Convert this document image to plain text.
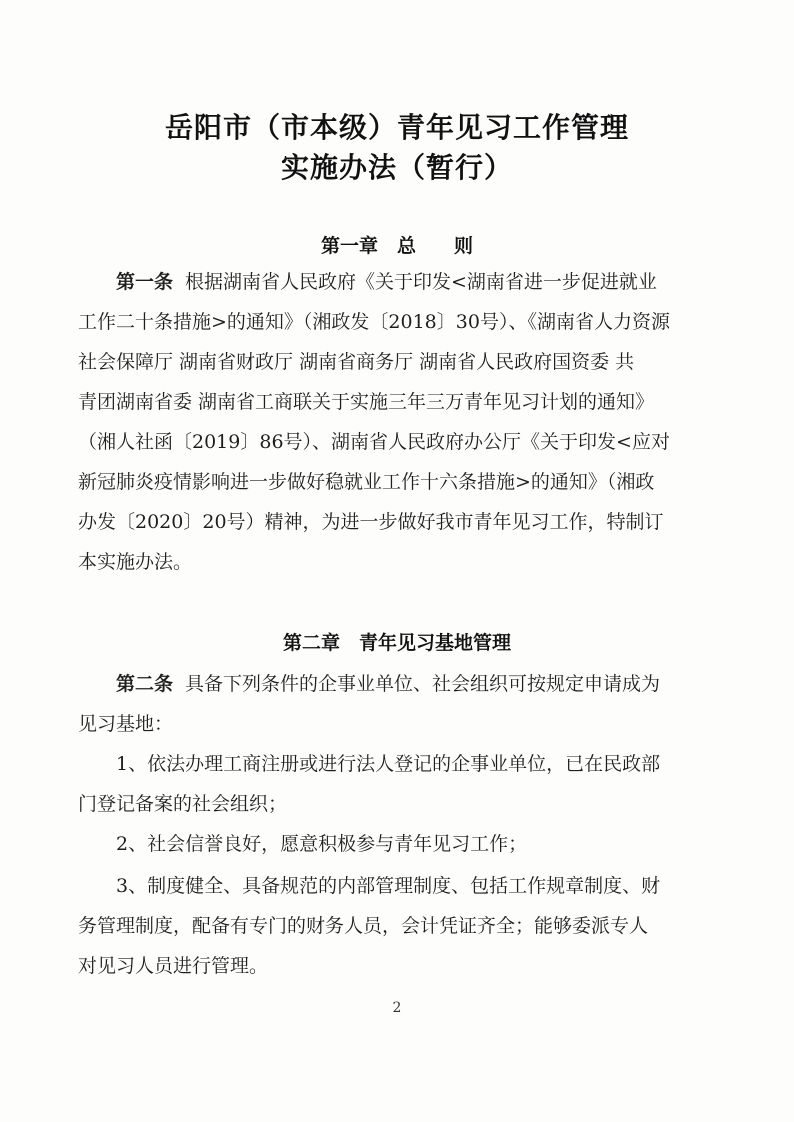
岳阳市（市本级）青年见习工作管理
实施办法（暂行）
第一章　总　　则
第一条 根据湖南省人民政府《关于印发<湖南省进一步促进就业
工作二十条措施>的通知》（湘政发〔2018〕30号）、《湖南省人力资源
社会保障厅 湖南省财政厅 湖南省商务厅 湖南省人民政府国资委 共
青团湖南省委 湖南省工商联关于实施三年三万青年见习计划的通知》
（湘人社函〔2019〕86号）、湖南省人民政府办公厅《关于印发<应对
新冠肺炎疫情影响进一步做好稳就业工作十六条措施>的通知》（湘政
办发〔2020〕20号）精神，为进一步做好我市青年见习工作，特制订
本实施办法。
第二章　青年见习基地管理
第二条 具备下列条件的企事业单位、社会组织可按规定申请成为
见习基地：
1、依法办理工商注册或进行法人登记的企事业单位，已在民政部
门登记备案的社会组织；
2、社会信誉良好，愿意积极参与青年见习工作；
3、制度健全、具备规范的内部管理制度、包括工作规章制度、财
务管理制度，配备有专门的财务人员，会计凭证齐全；能够委派专人
对见习人员进行管理。
2
